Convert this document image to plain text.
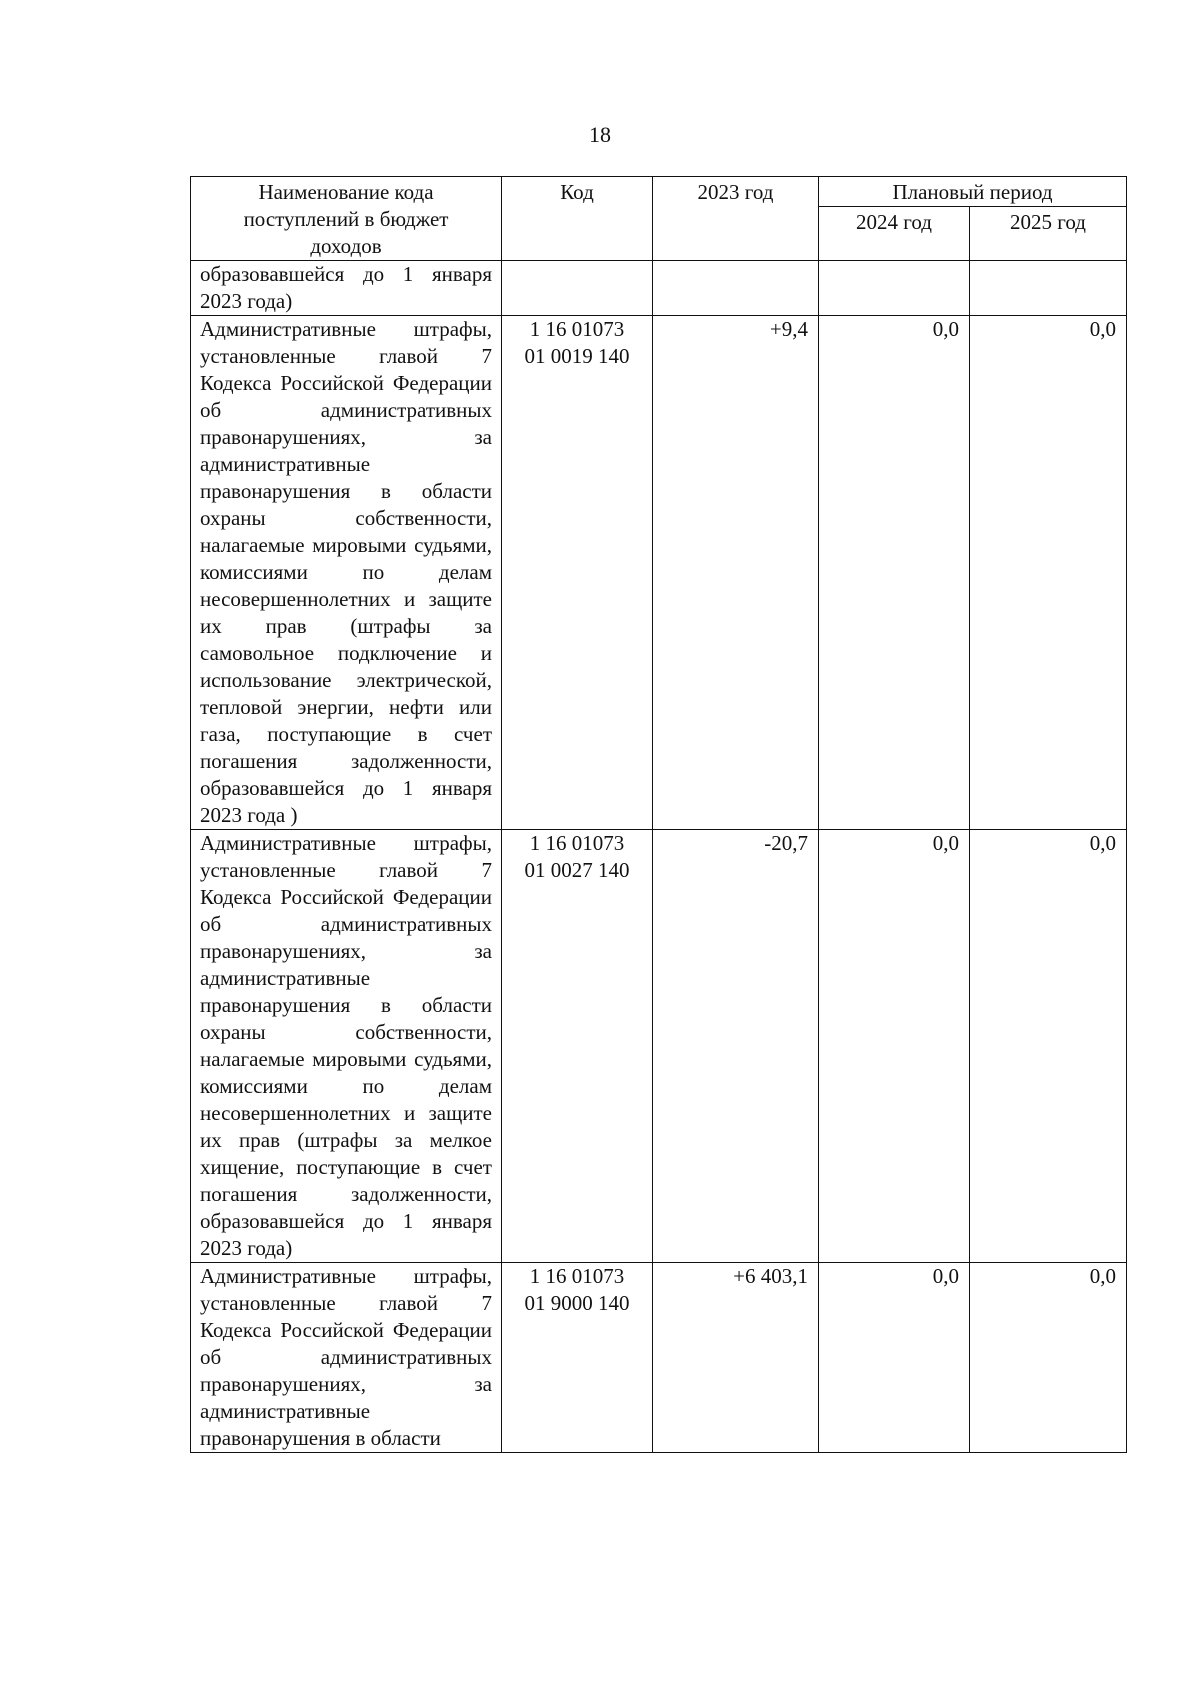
18
Наименование кода поступлений в бюджет доходов	Код	2023 год	Плановый период	
			2024 год	2025 год

образовавшейся до 1 января 2023 года)				

Административные штрафы, установленные главой 7 Кодекса Российской Федерации об административных правонарушениях, за административные правонарушения в области охраны собственности, налагаемые мировыми судьями, комиссиями по делам несовершеннолетних и защите их прав (штрафы за самовольное подключение и использование электрической, тепловой энергии, нефти или газа, поступающие в счет погашения задолженности, образовавшейся до 1 января 2023 года )	1 16 01073
01 0019 140	+9,4	0,0	0,0

Административные штрафы, установленные главой 7 Кодекса Российской Федерации об административных правонарушениях, за административные правонарушения в области охраны собственности, налагаемые мировыми судьями, комиссиями по делам несовершеннолетних и защите их прав (штрафы за мелкое хищение, поступающие в счет погашения задолженности, образовавшейся до 1 января 2023 года)	1 16 01073
01 0027 140	-20,7	0,0	0,0

Административные штрафы, установленные главой 7 Кодекса Российской Федерации об административных правонарушениях, за административные правонарушения в области	1 16 01073
01 9000 140	+6 403,1	0,0	0,0
